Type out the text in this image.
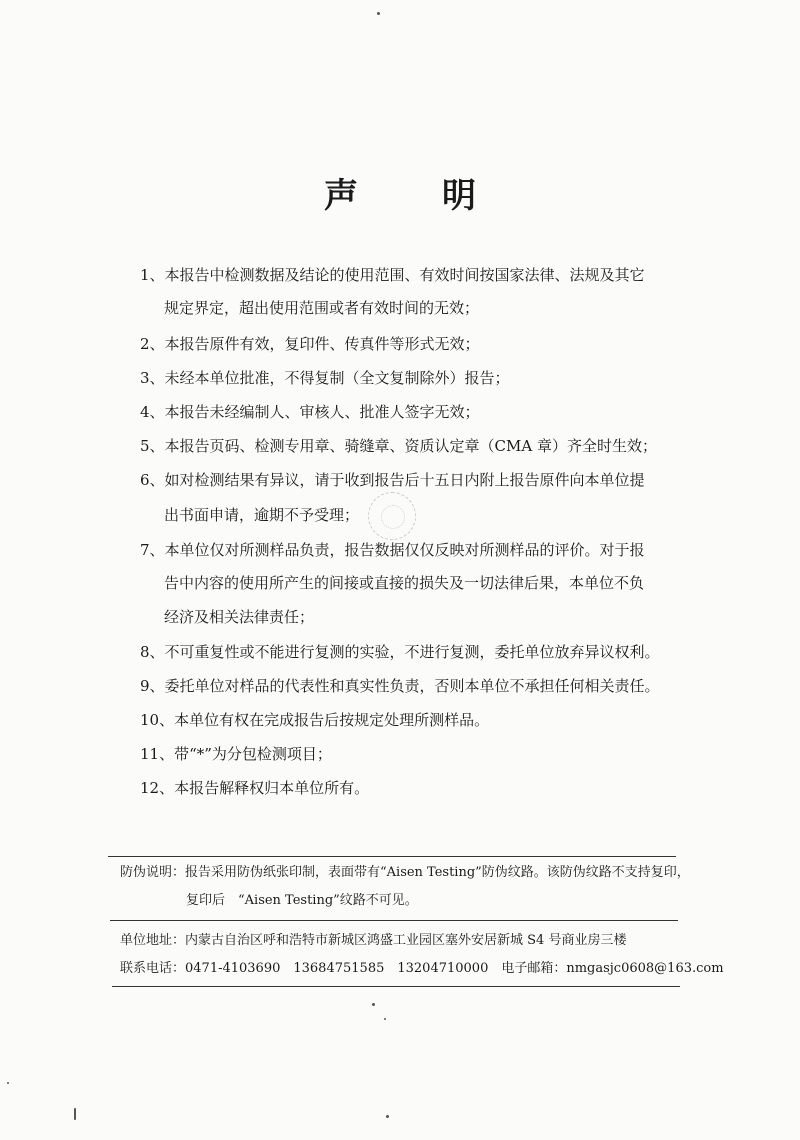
声 明
1、本报告中检测数据及结论的使用范围、有效时间按国家法律、法规及其它
规定界定，超出使用范围或者有效时间的无效；
2、本报告原件有效，复印件、传真件等形式无效；
3、未经本单位批准，不得复制（全文复制除外）报告；
4、本报告未经编制人、审核人、批准人签字无效；
5、本报告页码、检测专用章、骑缝章、资质认定章（CMA 章）齐全时生效；
6、如对检测结果有异议，请于收到报告后十五日内附上报告原件向本单位提
出书面申请，逾期不予受理；
7、本单位仅对所测样品负责，报告数据仅仅反映对所测样品的评价。对于报
告中内容的使用所产生的间接或直接的损失及一切法律后果，本单位不负
经济及相关法律责任；
8、不可重复性或不能进行复测的实验，不进行复测，委托单位放弃异议权利。
9、委托单位对样品的代表性和真实性负责，否则本单位不承担任何相关责任。
10、本单位有权在完成报告后按规定处理所测样品。
11、带“*”为分包检测项目；
12、本报告解释权归本单位所有。
防伪说明：报告采用防伪纸张印制，表面带有“Aisen Testing”防伪纹路。该防伪纹路不支持复印，
复印后　“Aisen Testing”纹路不可见。
单位地址：内蒙古自治区呼和浩特市新城区鸿盛工业园区塞外安居新城 S4 号商业房三楼
联系电话：0471-4103690　13684751585　13204710000　电子邮箱：nmgasjc0608@163.com
